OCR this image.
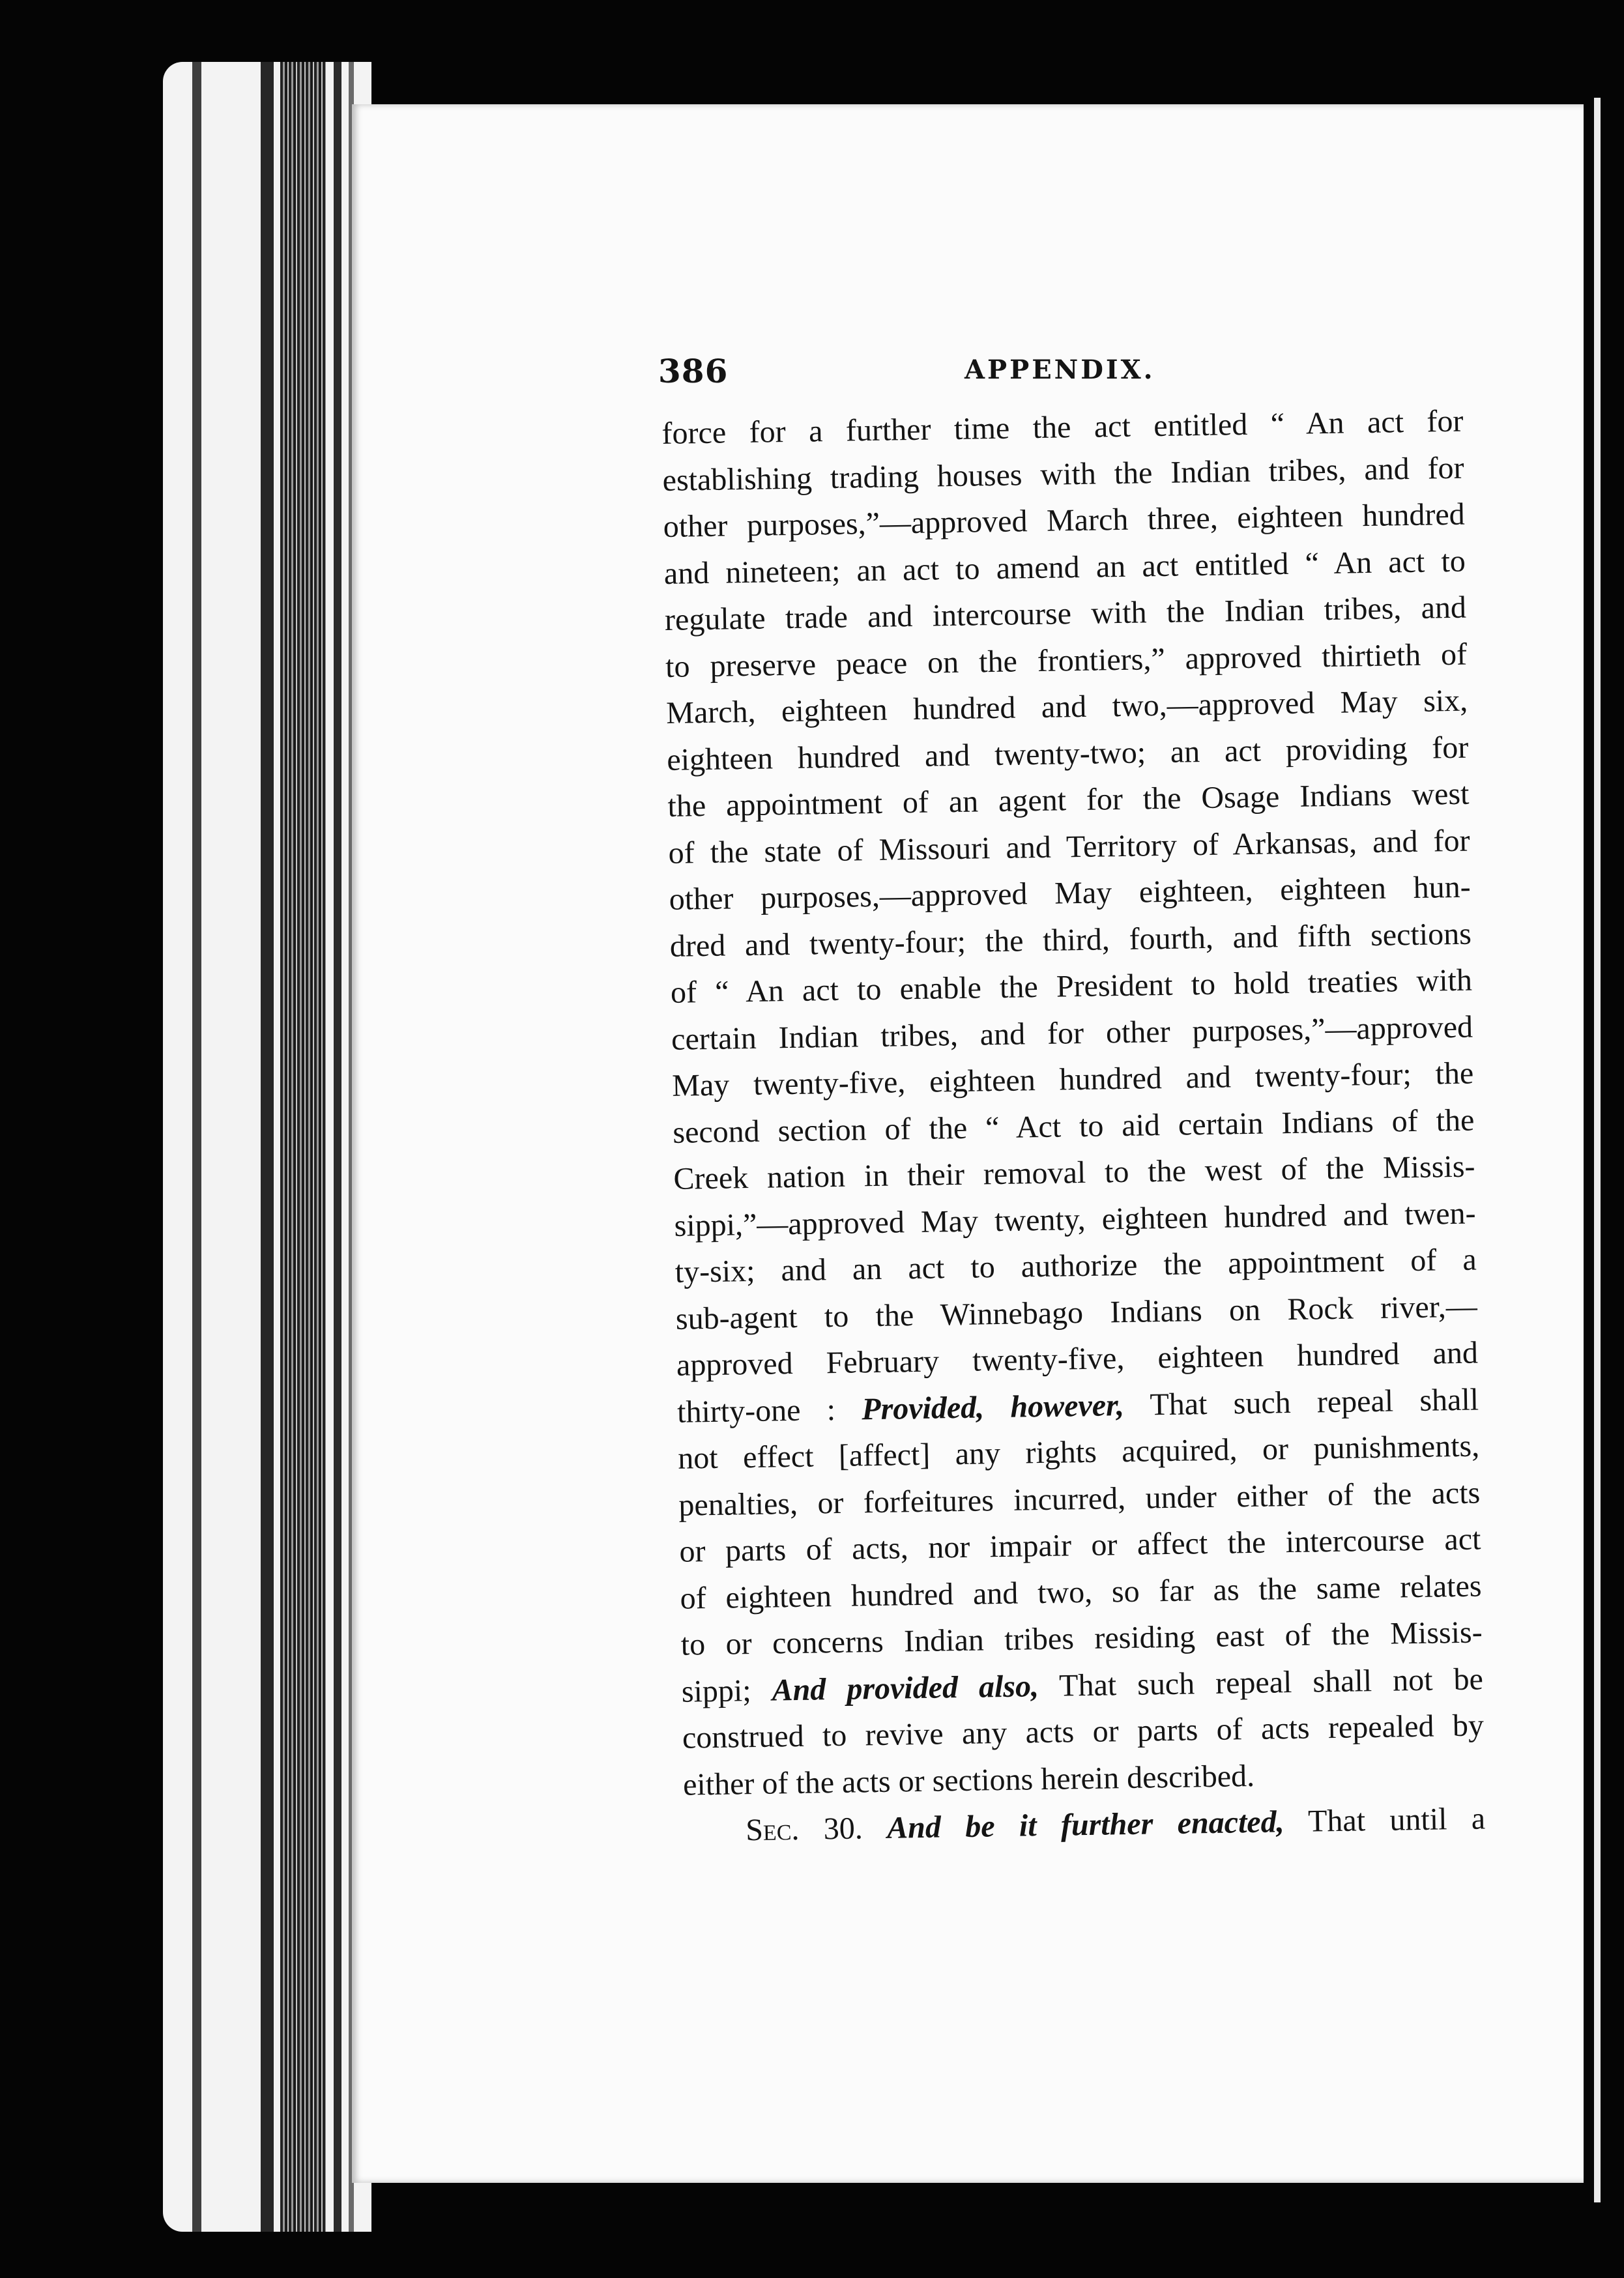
386	APPENDIX.
force for a further time the act entitled “ An act for
establishing trading houses with the Indian tribes, and for
other purposes,”—approved March three, eighteen hundred
and nineteen; an act to amend an act entitled “ An act to
regulate trade and intercourse with the Indian tribes, and
to preserve peace on the frontiers,” approved thirtieth of
March, eighteen hundred and two,—approved May six,
eighteen hundred and twenty-two; an act providing for
the appointment of an agent for the Osage Indians west
of the state of Missouri and Territory of Arkansas, and for
other purposes,—approved May eighteen, eighteen hun-
dred and twenty-four; the third, fourth, and fifth sections
of “ An act to enable the President to hold treaties with
certain Indian tribes, and for other purposes,”—approved
May twenty-five, eighteen hundred and twenty-four; the
second section of the “ Act to aid certain Indians of the
Creek nation in their removal to the west of the Missis-
sippi,”—approved May twenty, eighteen hundred and twen-
ty-six; and an act to authorize the appointment of a
sub-agent to the Winnebago Indians on Rock river,—
approved February twenty-five, eighteen hundred and
thirty-one : Provided, however, That such repeal shall
not effect [affect] any rights acquired, or punishments,
penalties, or forfeitures incurred, under either of the acts
or parts of acts, nor impair or affect the intercourse act
of eighteen hundred and two, so far as the same relates
to or concerns Indian tribes residing east of the Missis-
sippi; And provided also, That such repeal shall not be
construed to revive any acts or parts of acts repealed by
either of the acts or sections herein described.
Sec. 30. And be it further enacted, That until a
